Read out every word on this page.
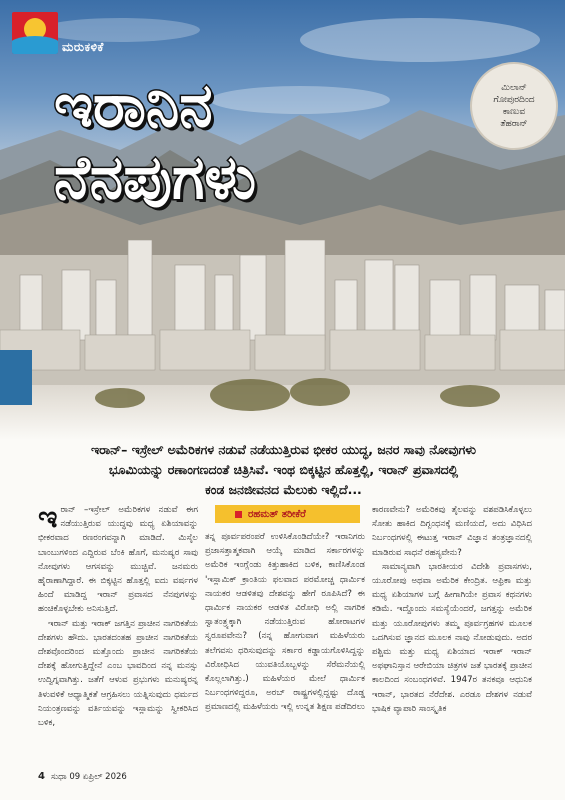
ಮರುಕಳಿಕೆ
ಇರಾನಿನ
ನೆನಪುಗಳು
ಮಿಲಾನ್
ಗೋಪುರದಿಂದ
ಕಾಣುವ
ತೆಹರಾನ್
ಇರಾನ್– ಇಸ್ರೇಲ್ ಅಮೆರಿಕಗಳ ನಡುವೆ ನಡೆಯುತ್ತಿರುವ ಭೀಕರ ಯುದ್ಧ, ಜನರ ಸಾವು ನೋವುಗಳು
ಭೂಮಿಯನ್ನು ರಣಾಂಗಣದಂತೆ ಚಿತ್ರಿಸಿವೆ. ಇಂಥ ಬಿಕ್ಕಟ್ಟಿನ ಹೊತ್ತಲ್ಲಿ, ಇರಾನ್ ಪ್ರವಾಸದಲ್ಲಿ
ಕಂಡ ಜನಜೀವನದ ಮೆಲುಕು ಇಲ್ಲಿದೆ...
ರಹಮತ್ ತರೀಕೆರೆ
ಇ ರಾನ್ –ಇಸ್ರೇಲ್ ಅಮೆರಿಕಗಳ ನಡುವೆ ಈಗ ನಡೆಯುತ್ತಿರುವ ಯುದ್ಧವು ಮಧ್ಯ ಏಶಿಯಾವನ್ನು ಭೀಕರವಾದ ರಣರಂಗವನ್ನಾಗಿ ಮಾಡಿದೆ. ಮಿಸೈಲ ಬಾಂಬುಗಳಿಂದ ಎದ್ದಿರುವ ಬೆಂಕಿ ಹೊಗೆ, ಮನುಷ್ಯರ ಸಾವು ನೋವುಗಳು ಆಗಸವನ್ನು ಮುಚ್ಚಿವೆ. ಜನಮರು ಹೈರಾಣಾಗಿದ್ದಾರೆ. ಈ ಬಿಕ್ಕಟ್ಟಿನ ಹೊತ್ತಲ್ಲಿ ಐದು ವರ್ಷಗಳ ಹಿಂದೆ ಮಾಡಿದ್ದ ಇರಾನ್ ಪ್ರವಾಸದ ನೆನಪುಗಳನ್ನು ಹಂಚಿಕೊಳ್ಳಬೇಕು ಅನಿಸುತ್ತಿದೆ.

ಇರಾನ್ ಮತ್ತು ಇರಾಕ್ ಜಗತ್ತಿನ ಪ್ರಾಚೀನ ನಾಗರಿಕತೆಯ ದೇಶಗಳು ಹೌದು. ಭಾರತದಂತಹ ಪ್ರಾಚೀನ ನಾಗರಿಕತೆಯ ದೇಶವೊಂದರಿಂದ ಮತ್ತೊಂದು ಪ್ರಾಚೀನ ನಾಗರಿಕತೆಯ ದೇಶಕ್ಕೆ ಹೋಗುತ್ತಿದ್ದೇನೆ ಎಂಬ ಭಾವದಿಂದ ನನ್ನ ಮನಸ್ಸು ಉದ್ವಿಗ್ನವಾಗಿತ್ತು. ಜತೆಗೆ ಆಳುವ ಪ್ರಭುಗಳು ಮನುಷ್ಯರನ್ನ ತಿಳುವಳಿಕೆ ಆಧ್ಯಾತ್ಮಿಕತೆ ಆಗ್ರಹಿಸಲು ಯತ್ನಿಸುವುದು ಧರ್ಮದ ನಿಯಂತ್ರಣವನ್ನು ವರ್ತಿಯವನ್ನು ಇಸ್ಲಾಮನ್ನು ಸ್ವೀಕರಿಸಿದ ಬಳಿಕ,

ತನ್ನ ಪೂರ್ವಪರಂಪರೆ ಉಳಿಸಿಕೊಂಡಿದೆಯೇ? ಇರಾನಿಗರು ಪ್ರಜಾಸತ್ತಾತ್ಮಕವಾಗಿ ಆಯ್ಕೆ ಮಾಡಿದ ಸರ್ಕಾರಗಳನ್ನು ಅಮೆರಿಕ ಇಂಗ್ಲೆಂಡು ಕಿತ್ತುಹಾಕಿದ ಬಳಿಕ, ಕಾಣಿಸಿಕೊಂಡ 'ಇಸ್ಲಾಮಿಕ್ ಕ್ರಾಂತಿಯ ಫಲವಾದ ಪರಮೋಚ್ಚ ಧಾರ್ಮಿಕ ನಾಯಕರ ಆಡಳಿತವು ದೇಶವನ್ನು ಹೇಗೆ ರೂಪಿಸಿದೆ? ಈ ಧಾರ್ಮಿಕ ನಾಯಕರ ಆಡಳಿತ ವಿರೋಧಿ ಅಲ್ಲಿ ನಾಗರಿಕ ಸ್ವಾತಂತ್ರ್ಯಕ್ಕಾಗಿ ನಡೆಯುತ್ತಿರುವ ಹೋರಾಟಗಳ ಸ್ವರೂಪವೇನು? (ನನ್ನ ಹೋಗುವಾಗ ಮಹಿಳೆಯರು ತಲೆಗವಸು ಧರಿಸುವುದನ್ನು ಸರ್ಕಾರ ಕಡ್ಡಾಯಗೊಳಿಸಿದ್ದನ್ನು ವಿರೋಧಿಸಿದ ಯುವತಿಯೊಬ್ಬಳನ್ನು ಸೆರೆಮನೆಯಲ್ಲಿ ಕೊಲ್ಲಲಾಗಿತ್ತು.) ಮಹಿಳೆಯರ ಮೇಲೆ ಧಾರ್ಮಿಕ ನಿರ್ಬಂಧಗಳಿದ್ದರೂ, ಅರಬ್ ರಾಷ್ಟ್ರಗಳಲ್ಲಿದ್ದಷ್ಟು ದೊಡ್ಡ ಪ್ರಮಾಣದಲ್ಲಿ ಮಹಿಳೆಯರು ಇಲ್ಲಿ ಉನ್ನತ ಶಿಕ್ಷಣ ಪಡೆದಿರಲು

ಕಾರಣವೇನು? ಅಮೆರಿಕವು ತೈಲವನ್ನು ವಶಪಡಿಸಿಕೊಳ್ಳಲು ಸೋತು ಹಾಕಿದ ದಿಗ್ಬಂಧನಕ್ಕೆ ಮಣಿಯದೆ, ಅದು ವಿಧಿಸಿದ ನಿರ್ಬಂಧಗಳಲ್ಲಿ ಈಟುತ್ತ ಇರಾನ್ ವಿಜ್ಞಾನ ತಂತ್ರಜ್ಞಾನದಲ್ಲಿ ಮಾಡಿರುವ ಸಾಧನೆ ರಹಸ್ಯವೇನು?

ಸಾಮಾನ್ಯವಾಗಿ ಭಾರತೀಯರ ವಿದೇಶಿ ಪ್ರವಾಸಗಳು, ಯೂರೋಪು ಅಥವಾ ಅಮೆರಿಕ ಕೇಂದ್ರಿತ. ಆಫ್ರಿಕಾ ಮತ್ತು ಮಧ್ಯ ಏಶಿಯಾಗಳ ಬಗ್ಗೆ ಹೀಗಾಗಿಯೇ ಪ್ರವಾಸ ಕಥನಗಳು ಕಡಿಮೆ. ಇದ್ದೊಂದು ಸಮಸ್ಯೆಯೆಂದರೆ, ಜಗತ್ತನ್ನು ಅಮೆರಿಕ ಮತ್ತು ಯೂರೋಪುಗಳು ತಮ್ಮ ಪೂರ್ವಗ್ರಹಗಳ ಮೂಲಕ ಒದಗಿಸುವ ಜ್ಞಾನದ ಮೂಲಕ ನಾವು ನೋಡುವುದು. ಅದರ ಪಶ್ಚಿಮ ಮತ್ತು ಮಧ್ಯ ಏಶಿಯಾದ ಇರಾಕ್ ಇರಾನ್ ಅಫಘಾನಿಸ್ತಾನ ಆರೇಬಿಯಾ ಚಿತ್ರಗಳ ಜತೆ ಭಾರತಕ್ಕೆ ಪ್ರಾಚೀನ ಕಾಲದಿಂದ ಸಂಬಂಧಗಳಿವೆ. 1947ರ ತನಕವೂ ಆಧುನಿಕ ಇರಾನ್, ಭಾರತದ ನೆರೆದೇಶ. ಎರಡೂ ದೇಶಗಳ ನಡುವೆ ಭಾಷಿಕ ವ್ಯಾಪಾರಿ ಸಾಂಸ್ಕೃತಿಕ

4 ಸುಧಾ 09 ಏಪ್ರಿಲ್ 2026
